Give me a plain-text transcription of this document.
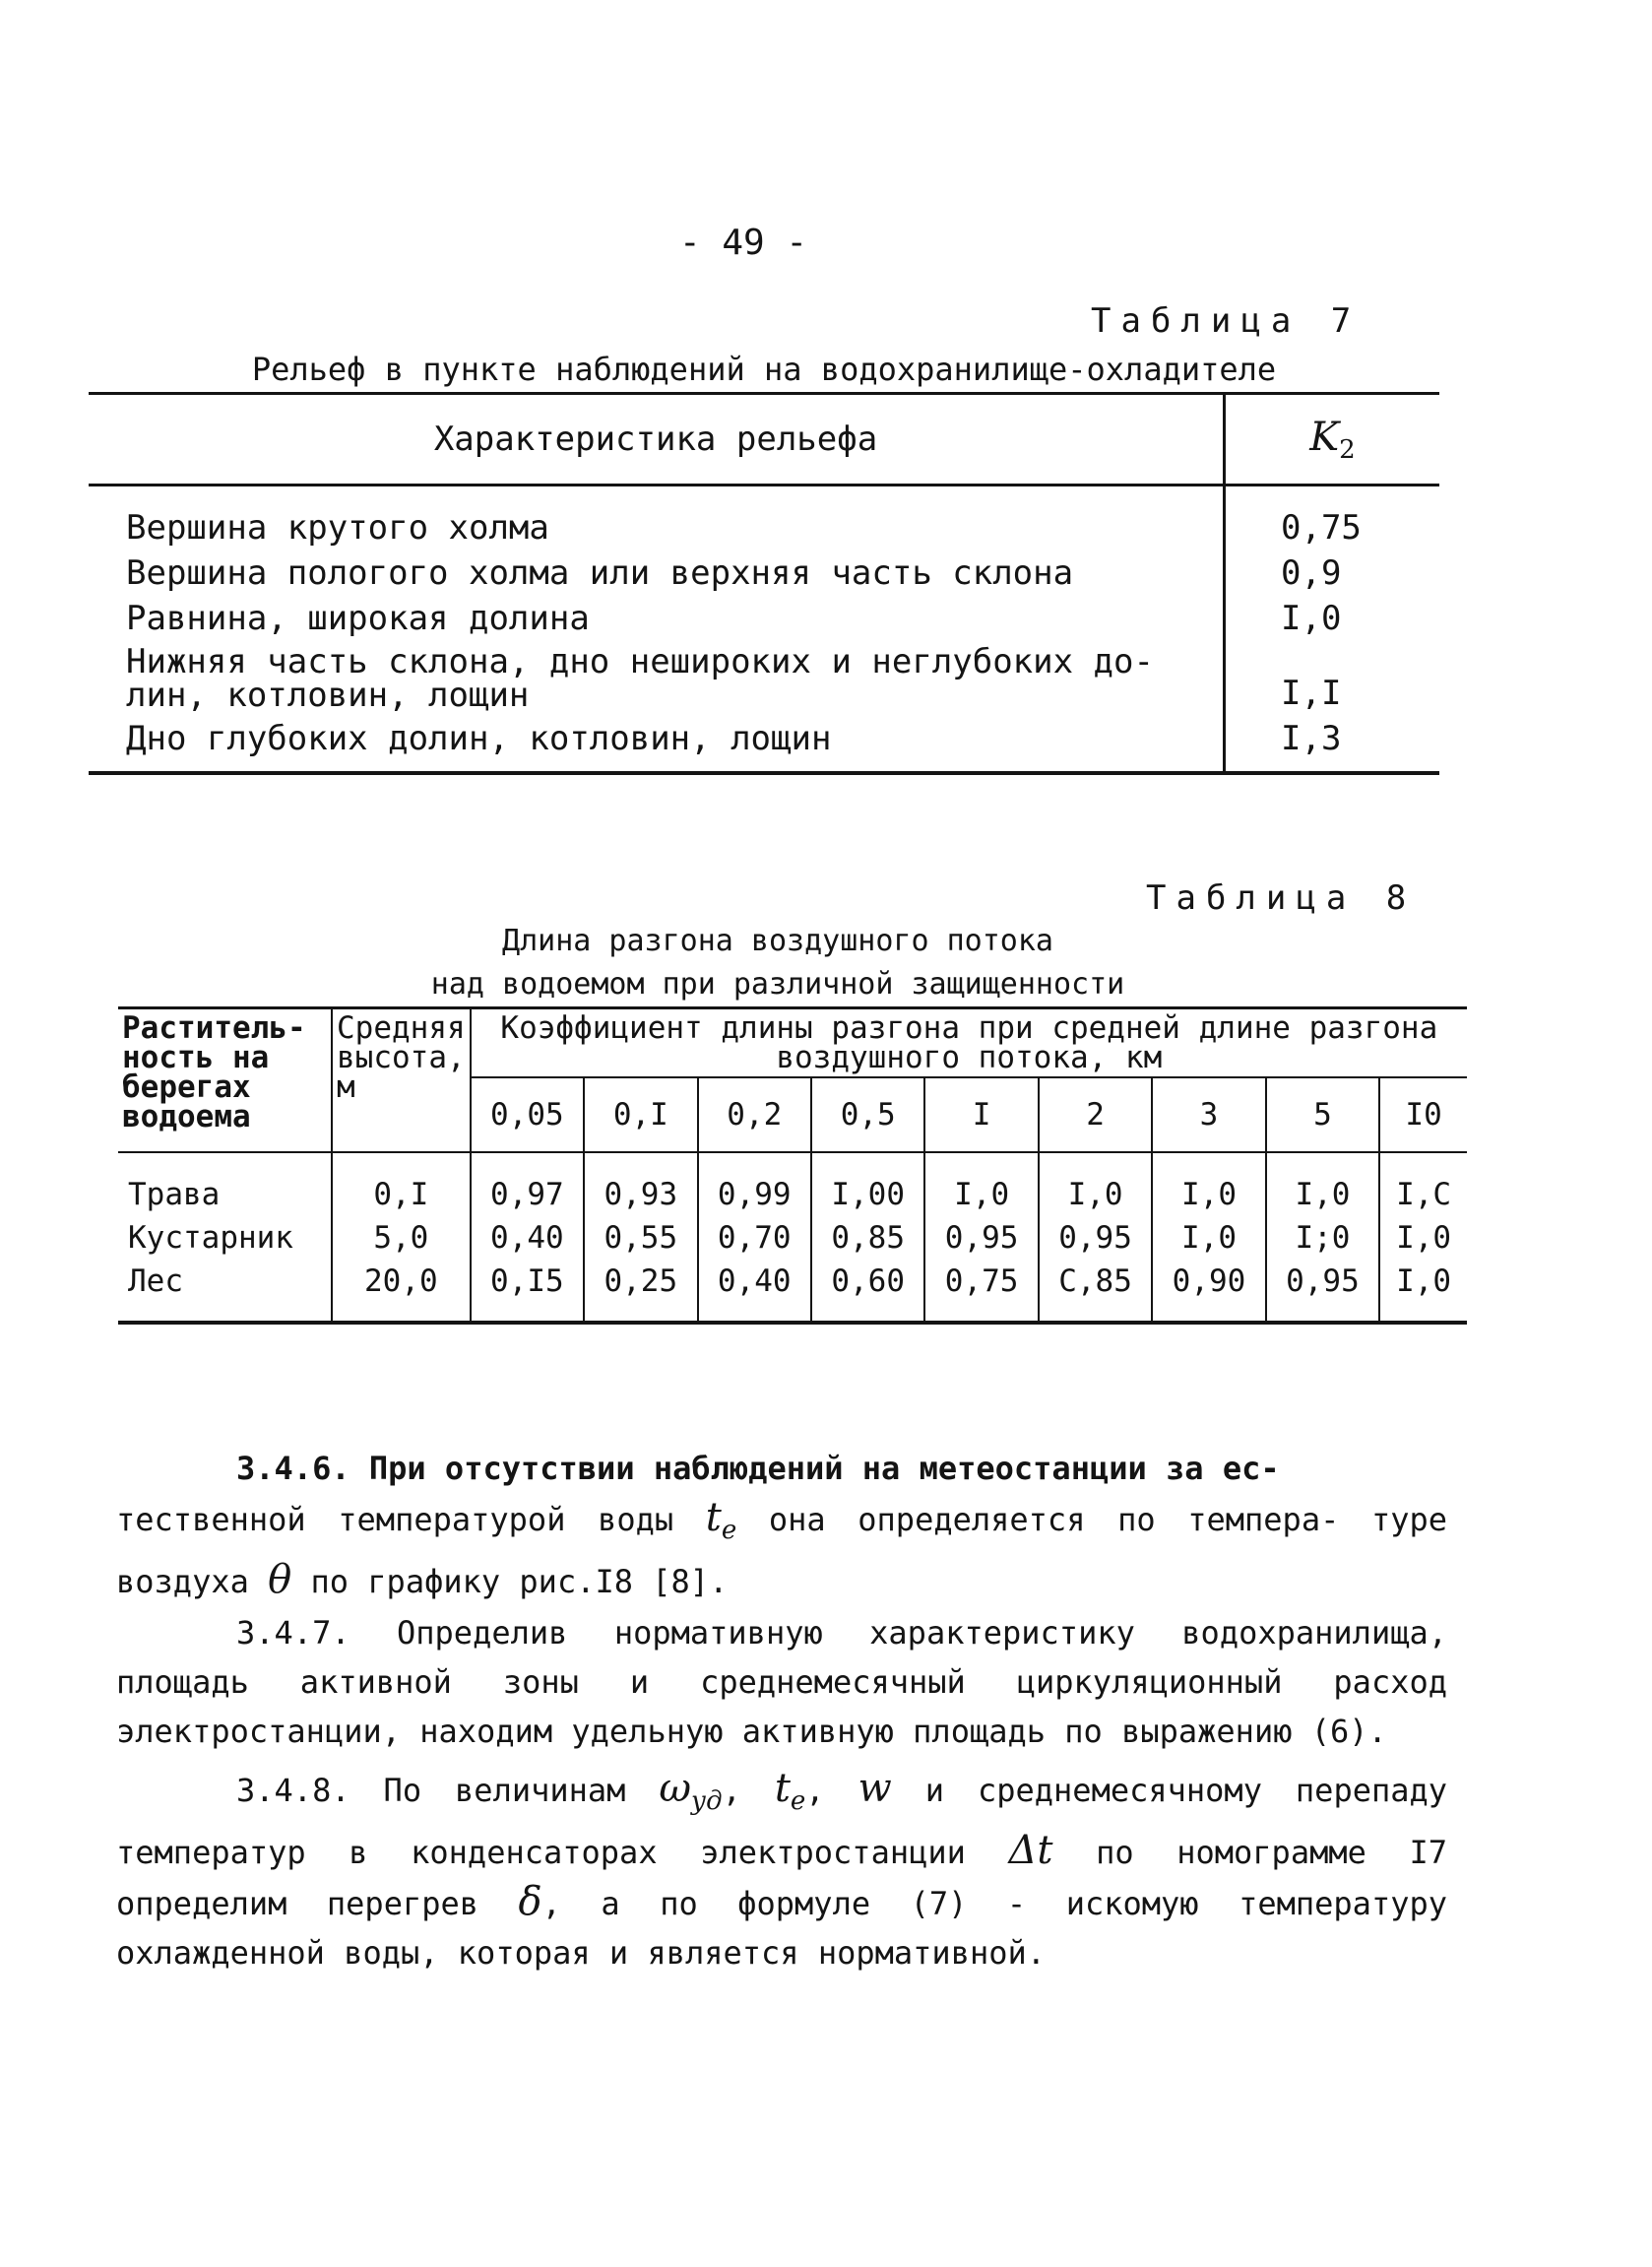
- 49 -
Таблица 7
Рельеф в пункте наблюдений на водохранилище-охладителе
Характеристика рельефа	$K_2$
Вершина крутого холма	0,75
Вершина пологого холма или верхняя часть склона	0,9
Равнина, широкая долина	I,0
Нижняя часть склона, дно неширокиx и неглубоких до-
лин, котловин, лощин	I,I
Дно глубоких долин, котловин, лощин	I,3
Таблица 8
Длина разгона воздушного потока
над водоемом при различной защищенности
Раститель-
ность на
берегах
водоема	Средняя
высота,
м	Коэффициент длины разгона при средней длине разгона
воздушного потока, км								
		0,05	0,I	0,2	0,5	I	2	3	5	I0
Трава	0,I	0,97	0,93	0,99	I,00	I,0	I,0	I,0	I,0	I,C
Кустарник	5,0	0,40	0,55	0,70	0,85	0,95	0,95	I,0	I;0	I,0
Лес	20,0	0,I5	0,25	0,40	0,60	0,75	C,85	0,90	0,95	I,0

3.4.6. При отсутствии наблюдений на метеостанции за ес-
тественной температурой воды $t_e$ она определяется по темпера- туре воздуха θ по графику рис.I8 [8].

3.4.7. Определив нормативную характеристику водохранилища, площадь активной зоны и среднемесячный циркуляционный расход электростанции, находим удельную активную площадь по выражению (6).

3.4.8. По величинам $\omega_{уд}$, $t_e$, w и среднемесячному перепаду температур в конденсаторах электростанции Δt по номограмме I7 определим перегрев δ, а по формуле (7) - искомую температуру охлажденной воды, которая и является нормативной.
